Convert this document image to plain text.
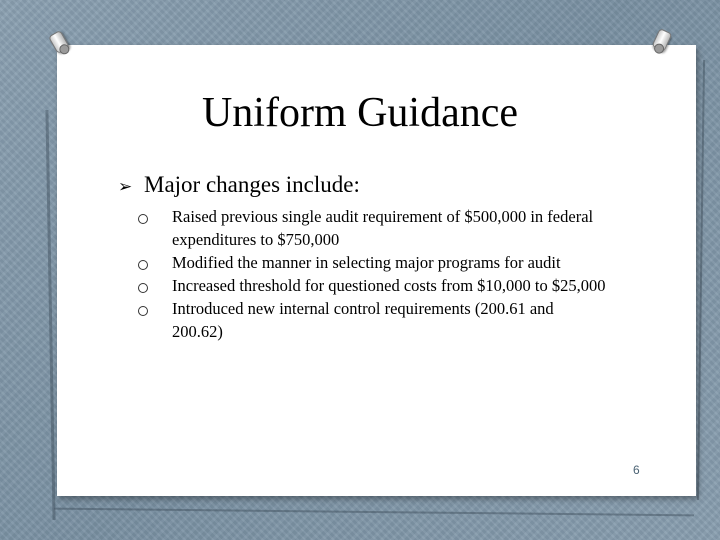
Uniform Guidance
➢ Major changes include:
Raised previous single audit requirement of $500,000 in federal expenditures to $750,000
Modified the manner in selecting major programs for audit
Increased threshold for questioned costs from $10,000 to $25,000
Introduced new internal control requirements (200.61 and 200.62)
6
